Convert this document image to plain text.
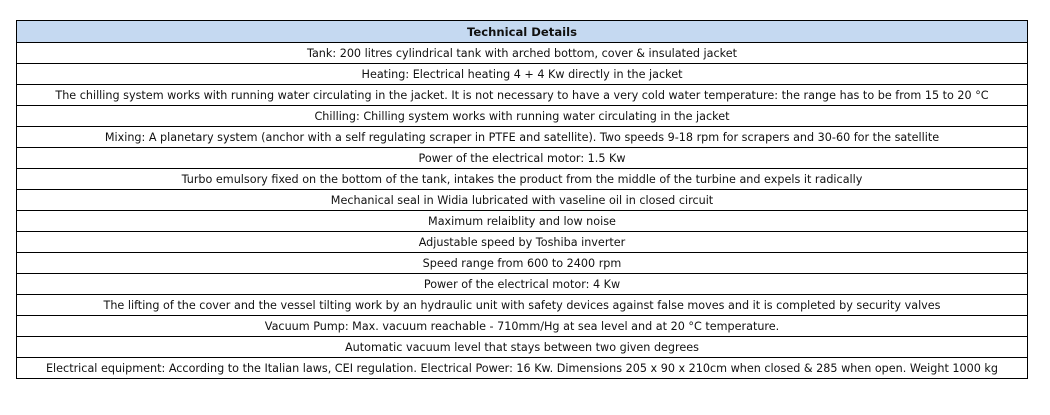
Technical Details
Tank: 200 litres cylindrical tank with arched bottom, cover & insulated jacket
Heating: Electrical heating 4 + 4 Kw directly in the jacket
The chilling system works with running water circulating in the jacket. It is not necessary to have a very cold water temperature: the range has to be from 15 to 20 °C
Chilling: Chilling system works with running water circulating in the jacket
Mixing: A planetary system (anchor with a self regulating scraper in PTFE and satellite). Two speeds 9-18 rpm for scrapers and 30-60 for the satellite
Power of the electrical motor: 1.5 Kw
Turbo emulsory fixed on the bottom of the tank, intakes the product from the middle of the turbine and expels it radically
Mechanical seal in Widia lubricated with vaseline oil in closed circuit
Maximum relaiblity and low noise
Adjustable speed by Toshiba inverter
Speed range from 600 to 2400 rpm
Power of the electrical motor: 4 Kw
The lifting of the cover and the vessel tilting work by an hydraulic unit with safety devices against false moves and it is completed by security valves
Vacuum Pump: Max. vacuum reachable - 710mm/Hg at sea level and at 20 °C temperature.
Automatic vacuum level that stays between two given degrees
Electrical equipment: According to the Italian laws, CEI regulation. Electrical Power: 16 Kw. Dimensions 205 x 90 x 210cm when closed & 285 when open. Weight 1000 kg
